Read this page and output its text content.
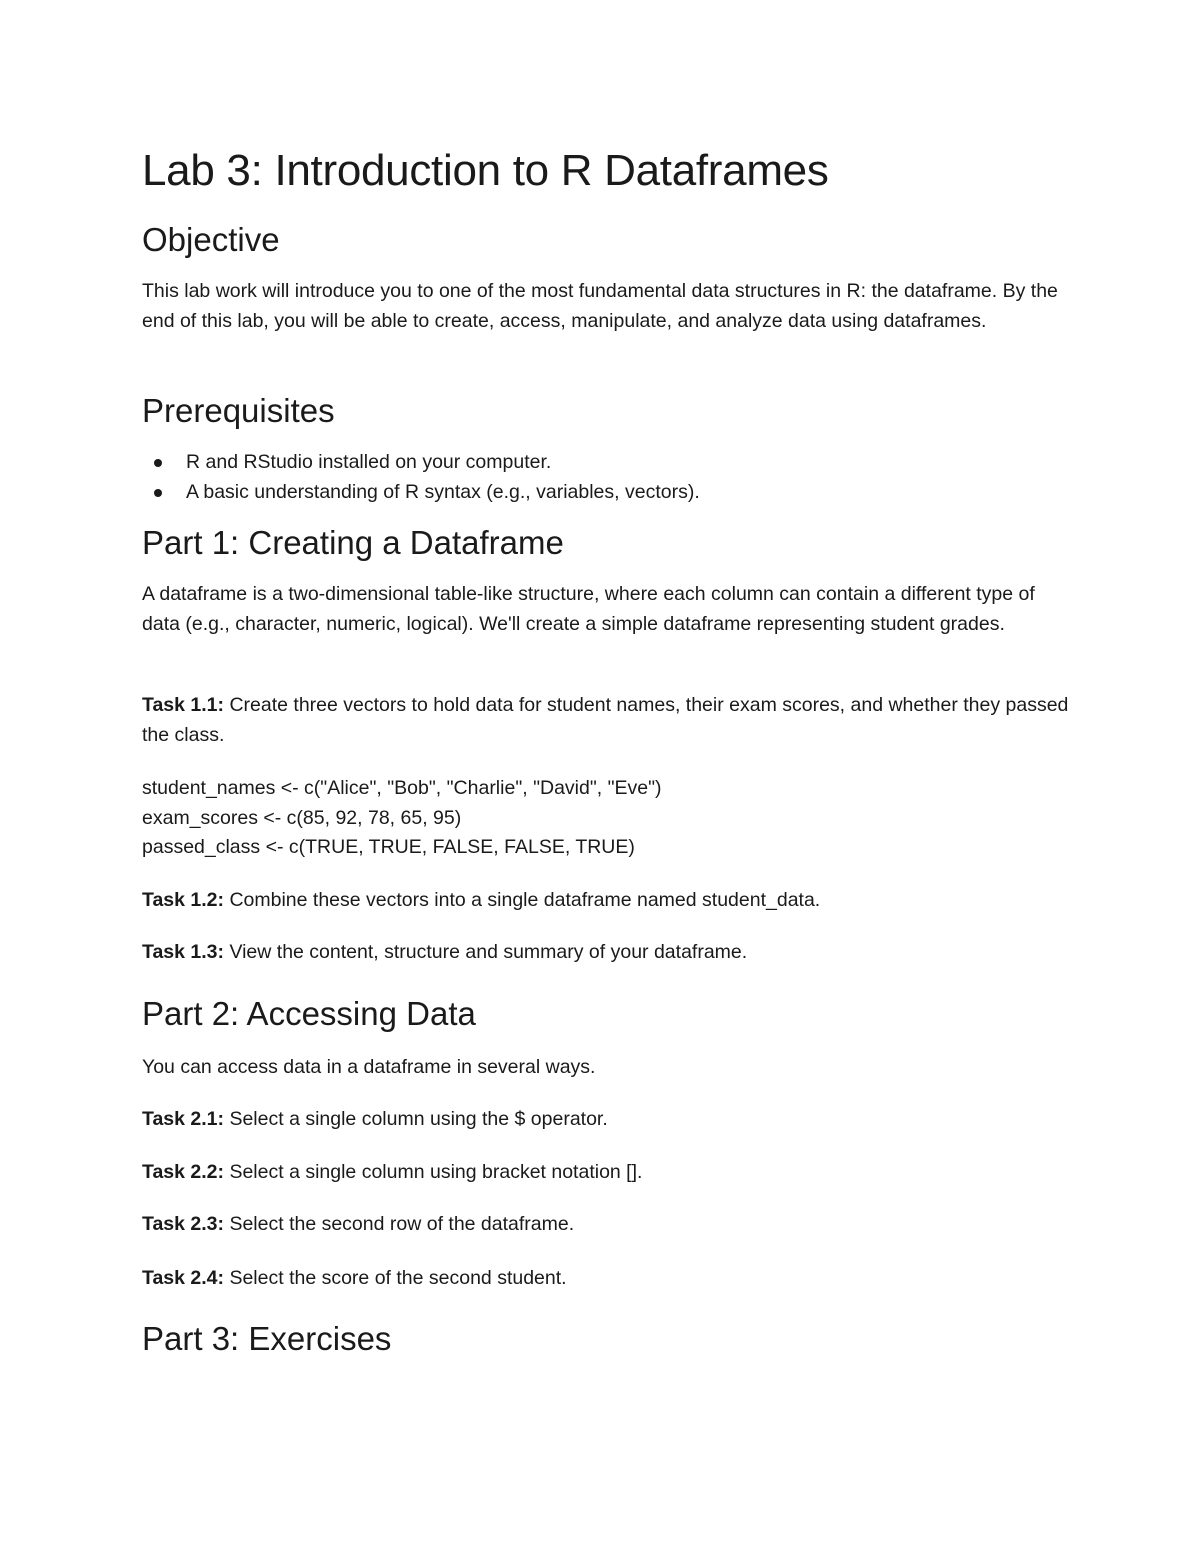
Lab 3: Introduction to R Dataframes
Objective

This lab work will introduce you to one of the most fundamental data structures in R: the dataframe. By the end of this lab, you will be able to create, access, manipulate, and analyze data using dataframes.

Prerequisites
R and RStudio installed on your computer.
A basic understanding of R syntax (e.g., variables, vectors).
Part 1: Creating a Dataframe

A dataframe is a two-dimensional table-like structure, where each column can contain a different type of data (e.g., character, numeric, logical). We'll create a simple dataframe representing student grades.

Task 1.1: Create three vectors to hold data for student names, their exam scores, and whether they passed the class.

student_names <- c("Alice", "Bob", "Charlie", "David", "Eve")
exam_scores <- c(85, 92, 78, 65, 95)
passed_class <- c(TRUE, TRUE, FALSE, FALSE, TRUE)

Task 1.2: Combine these vectors into a single dataframe named student_data.

Task 1.3: View the content, structure and summary of your dataframe.

Part 2: Accessing Data

You can access data in a dataframe in several ways.

Task 2.1: Select a single column using the $ operator.

Task 2.2: Select a single column using bracket notation [].

Task 2.3: Select the second row of the dataframe.

Task 2.4: Select the score of the second student.

Part 3: Exercises
